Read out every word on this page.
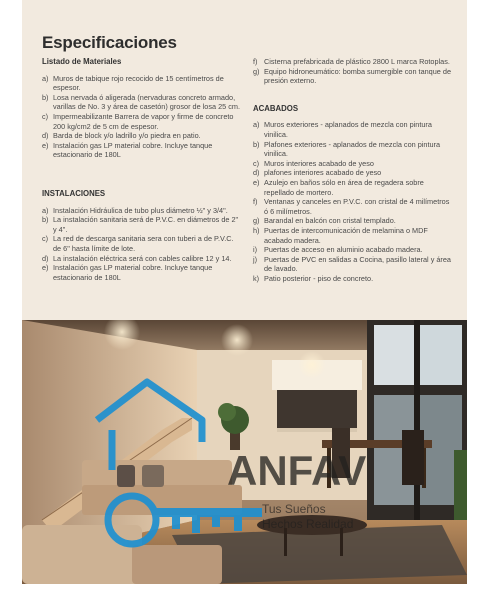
Especificaciones
Listado de Materiales
a) Muros de tabique rojo recocido de 15 centímetros de espesor.
b) Losa nervada ó aligerada (nervaduras concreto armado, varillas de No. 3 y área de casetón) grosor de losa 25 cm.
c) Impermeabilizante Barrera de vapor y firme de concreto 200 kg/cm2 de 5 cm de espesor.
d) Barda de block y/o ladrillo y/o piedra en patio.
e) Instalación gas LP material cobre. Incluye tanque estacionario de 180L
INSTALACIONES
a) Instalación Hidráulica de tubo plus diámetro ½" y 3/4".
b) La instalación sanitaria será de P.V.C. en diámetros de 2" y 4".
c) La red de descarga sanitaria sera con tuberi a de P.V.C. de 6" hasta límite de lote.
d) La instalación eléctrica será con cables calibre 12 y 14.
e) Instalación gas LP material cobre. Incluye tanque estacionario de 180L
f) Cisterna prefabricada de plástico 2800 L marca Rotoplas.
g) Equipo hidroneumático: bomba sumergible con tanque de presión externo.
ACABADOS
a) Muros exteriores - aplanados de mezcla con pintura vinilica.
b) Plafones exteriores - aplanados de mezcla con pintura vinilica.
c) Muros interiores acabado de yeso
d) plafones interiores acabado de yeso
e) Azulejo en baños sólo en área de regadera sobre repellado de mortero.
f) Ventanas y canceles en P.V.C. con cristal de 4 milímetros ó 6 milímetros.
g) Barandal en balcón con cristal templado.
h) Puertas de intercomunicación de melamina o MDF acabado madera.
i) Puertas de acceso en aluminio acabado madera.
j) Puertas de PVC en salidas a Cocina, pasillo lateral y área de lavado.
k) Patio posterior - piso de concreto.
ANFAV
Tus Sueños
Hechos Realidad
